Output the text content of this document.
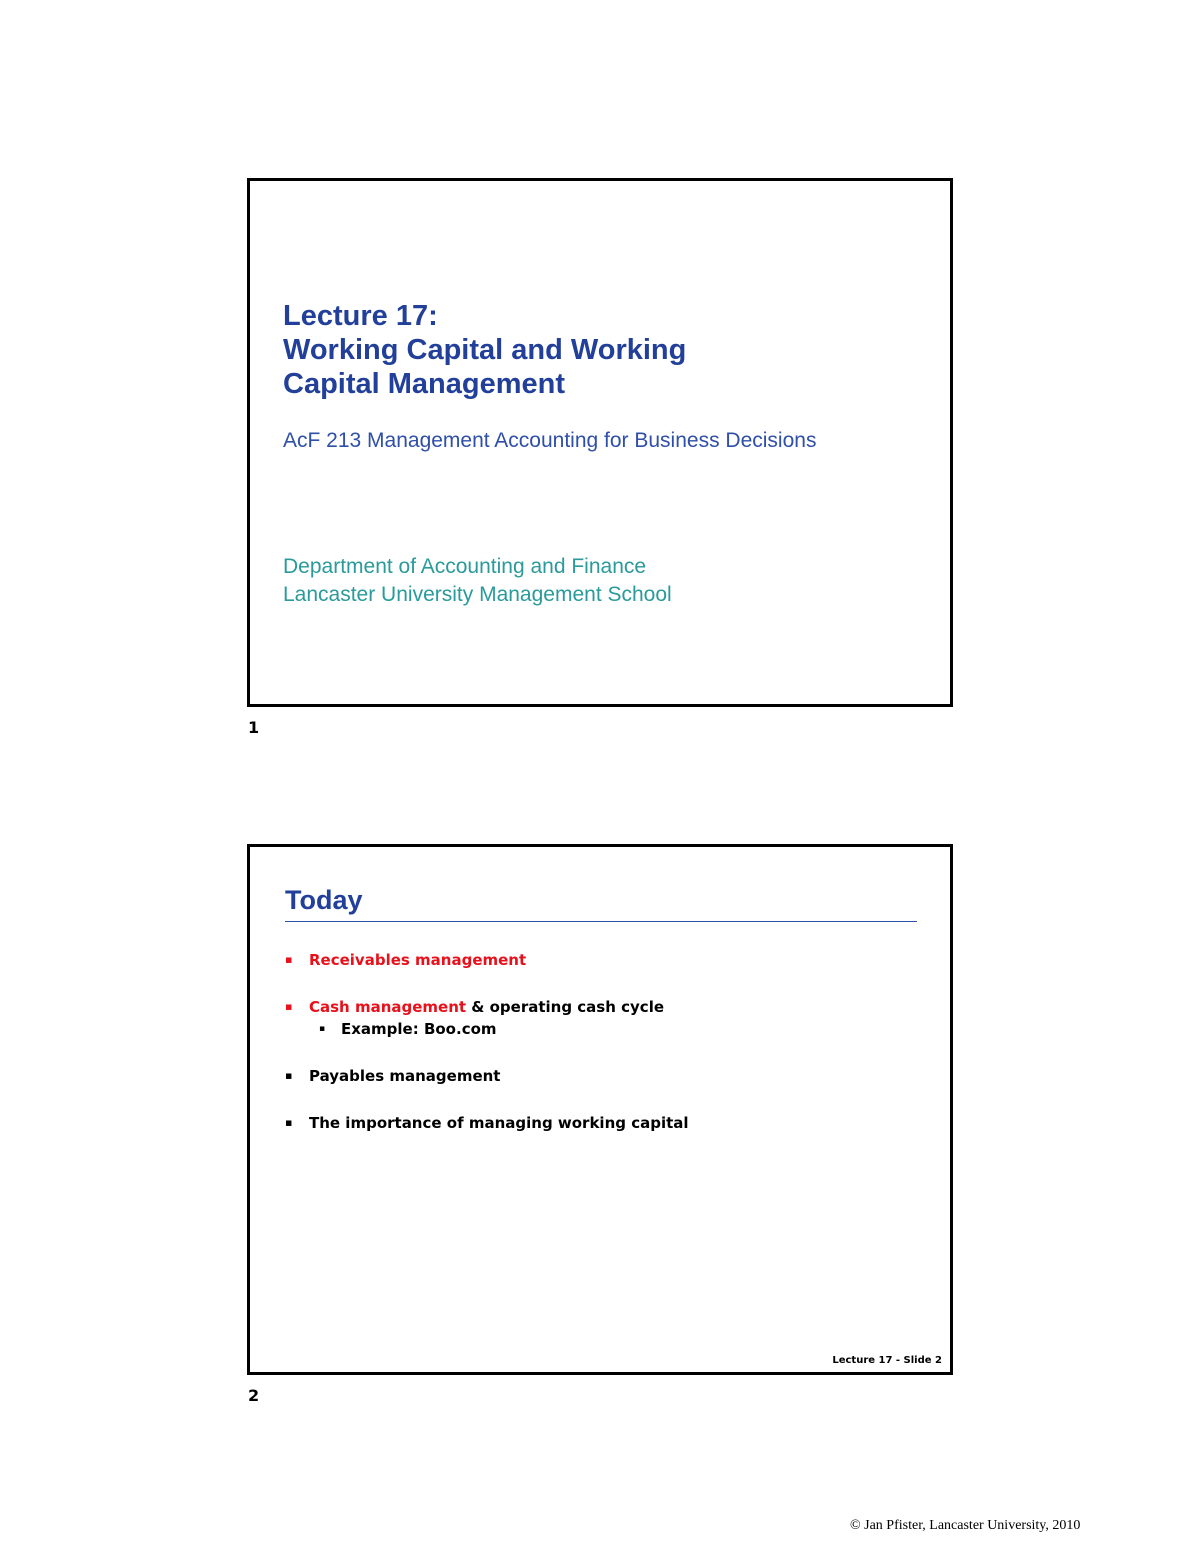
Lecture 17:
Working Capital and Working
Capital Management
AcF 213 Management Accounting for Business Decisions
Department of Accounting and Finance
Lancaster University Management School
1
Today
▪ Receivables management
▪ Cash management & operating cash cycle
▪ Example: Boo.com
▪ Payables management
▪ The importance of managing working capital
Lecture 17 - Slide 2
2
© Jan Pfister, Lancaster University, 2010
